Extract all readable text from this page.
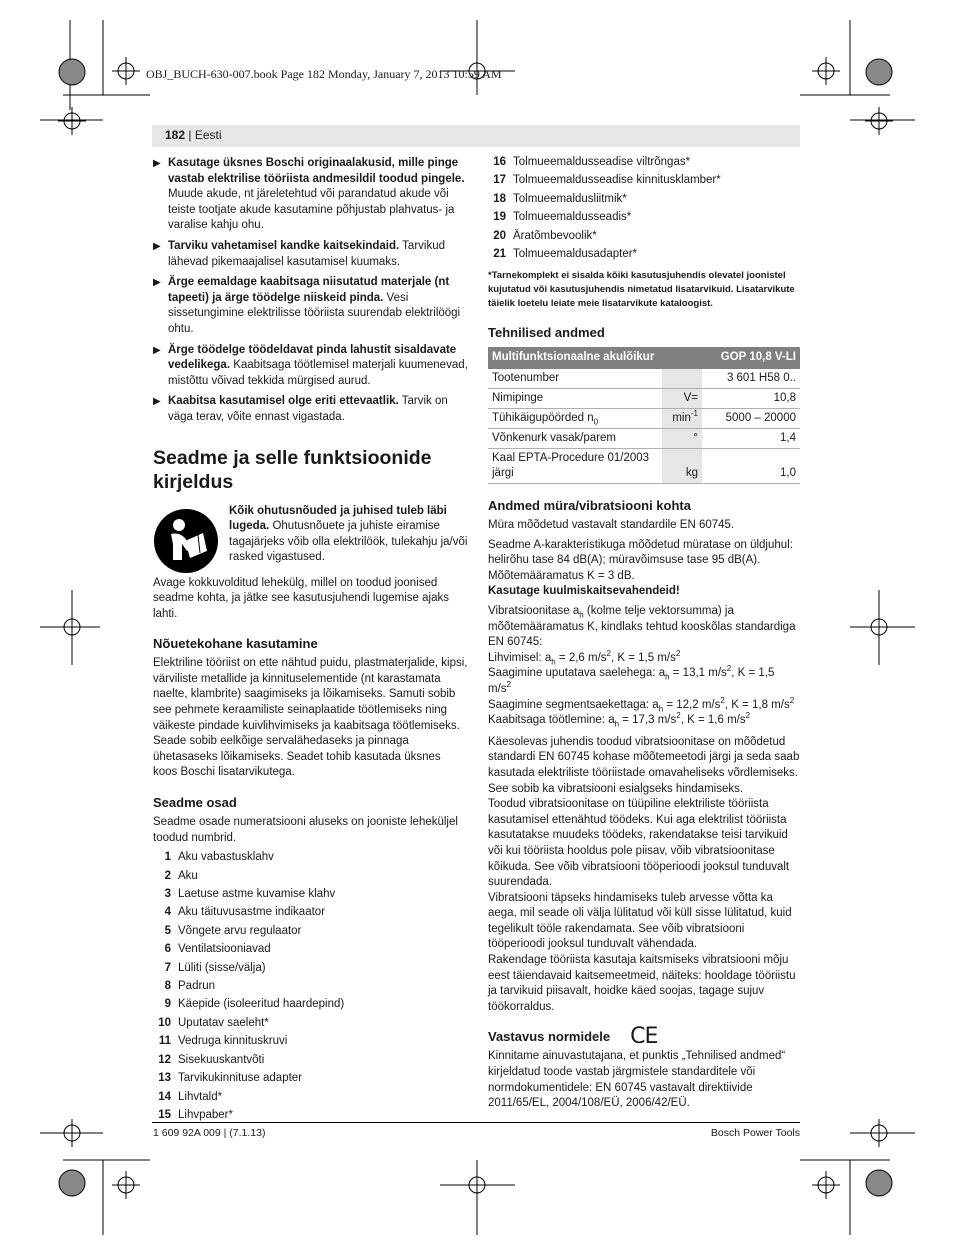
OBJ_BUCH-630-007.book Page 182 Monday, January 7, 2013 10:59 AM
182 | Eesti
▶ Kasutage üksnes Boschi originaalakusid, mille pinge vastab elektrilise tööriista andmesildil toodud pingele. Muude akude, nt järeletehtud või parandatud akude või teiste tootjate akude kasutamine põhjustab plahvatus- ja varalise kahju ohu.
▶ Tarviku vahetamisel kandke kaitsekindaid. Tarvikud lähevad pikemaajalisel kasutamisel kuumaks.
▶ Ärge eemaldage kaabitsaga niisutatud materjale (nt tapeeti) ja ärge töödelge niiskeid pinda. Vesi sissetungimine elektrilisse tööriista suurendab elektrilöögi ohtu.
▶ Ärge töödelge töödeldavat pinda lahustit sisaldavate vedelikega. Kaabitsaga töötlemisel materjali kuumenevad, mistõttu võivad tekkida mürgised aurud.
▶ Kaabitsa kasutamisel olge eriti ettevaatlik. Tarvik on väga terav, võite ennast vigastada.
Seadme ja selle funktsioonide kirjeldus

Kõik ohutusnõuded ja juhised tuleb läbi lugeda. Ohutusnõuete ja juhiste eiramise tagajärjeks võib olla elektrilöök, tulekahju ja/või rasked vigastused.

Avage kokkuvolditud lehekülg, millel on toodud joonised seadme kohta, ja jätke see kasutusjuhendi lugemise ajaks lahti.

Nõuetekohane kasutamine

Elektriline tööriist on ette nähtud puidu, plastmaterjalide, kipsi, värviliste metallide ja kinnituselementide (nt karastamata naelte, klambrite) saagimiseks ja lõikamiseks. Samuti sobib see pehmete keraamiliste seinaplaatide töötlemiseks ning väikeste pindade kuivlihvimiseks ja kaabitsaga töötlemiseks. Seade sobib eelkõige servalähedaseks ja pinnaga ühetasaseks lõikamiseks. Seadet tohib kasutada üksnes koos Boschi lisatarvikutega.

Seadme osad

Seadme osade numeratsiooni aluseks on jooniste leheküljel toodud numbrid.

1 Aku vabastusklahv
2 Aku
3 Laetuse astme kuvamise klahv
4 Aku täituvusastme indikaator
5 Võngete arvu regulaator
6 Ventilatsiooniavad
7 Lüliti (sisse/välja)
8 Padrun
9 Käepide (isoleeritud haardepind)
10 Uputatav saeleht*
11 Vedruga kinnituskruvi
12 Sisekuuskantvõti
13 Tarvikukinnituse adapter
14 Lihvtald*
15 Lihvpaber*
16 Tolmueemaldusseadise viltrõngas*
17 Tolmueemaldusseadise kinnitusklamber*
18 Tolmueemaldusliitmik*
19 Tolmueemaldusseadis*
20 Äratõmbevoolik*
21 Tolmueemaldusadapter*

*Tarnekomplekt ei sisalda kõiki kasutusjuhendis olevatel joonistel kujutatud või kasutusjuhendis nimetatud lisatarvikuid. Lisatarvikute täielik loetelu leiate meie lisatarvikute kataloogist.

Tehnilised andmed
Multifunktsionaalne akulõikur		GOP 10,8 V-LI
Tootenumber		3 601 H58 0..
Nimipinge	V=	10,8
Tühikäigupöörded $n_0$	$\min^{-1}$	5000 – 20000
Võnkenurk vasak/parem	°	1,4
Kaal EPTA-Procedure 01/2003 järgi	kg	1,0
Andmed müra/vibratsiooni kohta

Müra mõõdetud vastavalt standardile EN 60745.

Seadme A-karakteristikuga mõõdetud müratase on üldjuhul: helirõhu tase 84 dB(A); müravõimsuse tase 95 dB(A). Mõõtemääramatus K = 3 dB.

Kasutage kuulmiskaitsevahendeid!

Vibratsioonitase $a_h$ (kolme telje vektorsumma) ja mõõtemääramatus K, kindlaks tehtud kooskõlas standardiga EN 60745:

Lihvimisel: $a_h = 2,6$ $m/s^2$, K = 1,5 $m/s^2$

Saagimine uputatava saelehega: $a_h = 13,1$ $m/s^2$, K = 1,5 $m/s^2$

Saagimine segmentsaekettaga: $a_h = 12,2$ $m/s^2$, K = 1,8 $m/s^2$

Kaabitsaga töötlemine: $a_h = 17,3$ $m/s^2$, K = 1,6 $m/s^2$

Käesolevas juhendis toodud vibratsioonitase on mõõdetud standardi EN 60745 kohase mõõtemeetodi järgi ja seda saab kasutada elektriliste tööriistade omavaheliseks võrdlemiseks. See sobib ka vibratsiooni esialgseks hindamiseks.

Toodud vibratsioonitase on tüüpiline elektriliste tööriista kasutamisel ettenähtud töödeks. Kui aga elektrilist tööriista kasutatakse muudeks töödeks, rakendatakse teisi tarvikuid või kui tööriista hooldus pole piisav, võib vibratsioonitase kõikuda. See võib vibratsiooni tööperioodi jooksul tunduvalt suurendada.

Vibratsiooni täpseks hindamiseks tuleb arvesse võtta ka aega, mil seade oli välja lülitatud või küll sisse lülitatud, kuid tegelikult tööle rakendamata. See võib vibratsiooni tööperioodi jooksul tunduvalt vähendada.

Rakendage tööriista kasutaja kaitsmiseks vibratsiooni mõju eest täiendavaid kaitsemeetmeid, näiteks: hooldage tööriistu ja tarvikuid piisavalt, hoidke käed soojas, tagage sujuv töökorraldus.

Vastavus normidele CE

Kinnitame ainuvastutajana, et punktis „Tehnilised andmed“ kirjeldatud toode vastab järgmistele standarditele või normdokumentidele: EN 60745 vastavalt direktiivide 2011/65/EL, 2004/108/EÜ, 2006/42/EÜ.

1 609 92A 009 | (7.1.13)	Bosch Power Tools
